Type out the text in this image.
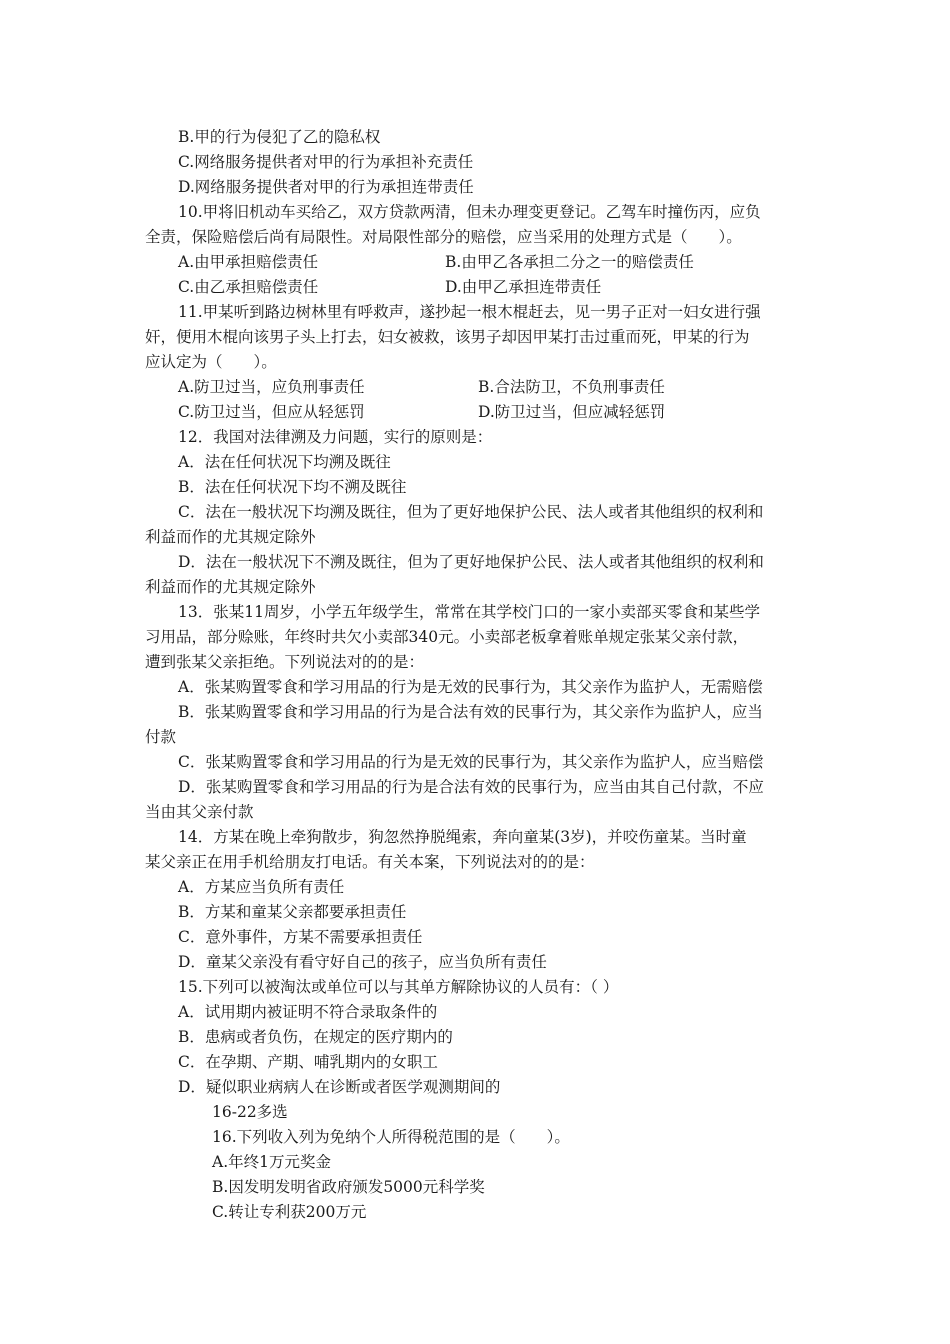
B.甲的行为侵犯了乙的隐私权
C.网络服务提供者对甲的行为承担补充责任
D.网络服务提供者对甲的行为承担连带责任
10.甲将旧机动车买给乙，双方贷款两清，但未办理变更登记。乙驾车时撞伤丙，应负
全责，保险赔偿后尚有局限性。对局限性部分的赔偿，应当采用的处理方式是（　　）。
A.由甲承担赔偿责任	B.由甲乙各承担二分之一的赔偿责任
C.由乙承担赔偿责任	D.由甲乙承担连带责任
11.甲某听到路边树林里有呼救声，遂抄起一根木棍赶去，见一男子正对一妇女进行强
奸，便用木棍向该男子头上打去，妇女被救，该男子却因甲某打击过重而死，甲某的行为
应认定为（　　）。
A.防卫过当，应负刑事责任	B.合法防卫，不负刑事责任
C.防卫过当，但应从轻惩罚	D.防卫过当，但应减轻惩罚
12．我国对法律溯及力问题，实行的原则是：
A．法在任何状况下均溯及既往
B．法在任何状况下均不溯及既往
C．法在一般状况下均溯及既往，但为了更好地保护公民、法人或者其他组织的权利和
利益而作的尤其规定除外
D．法在一般状况下不溯及既往，但为了更好地保护公民、法人或者其他组织的权利和
利益而作的尤其规定除外
13．张某11周岁，小学五年级学生，常常在其学校门口的一家小卖部买零食和某些学
习用品，部分赊账，年终时共欠小卖部340元。小卖部老板拿着账单规定张某父亲付款，
遭到张某父亲拒绝。下列说法对的的是：
A．张某购置零食和学习用品的行为是无效的民事行为，其父亲作为监护人，无需赔偿
B．张某购置零食和学习用品的行为是合法有效的民事行为，其父亲作为监护人，应当
付款
C．张某购置零食和学习用品的行为是无效的民事行为，其父亲作为监护人，应当赔偿
D．张某购置零食和学习用品的行为是合法有效的民事行为，应当由其自己付款，不应
当由其父亲付款
14．方某在晚上牵狗散步，狗忽然挣脱绳索，奔向童某(3岁)，并咬伤童某。当时童
某父亲正在用手机给朋友打电话。有关本案，下列说法对的的是：
A．方某应当负所有责任
B．方某和童某父亲都要承担责任
C．意外事件，方某不需要承担责任
D．童某父亲没有看守好自己的孩子，应当负所有责任
15.下列可以被淘汰或单位可以与其单方解除协议的人员有：（ ）
A．试用期内被证明不符合录取条件的
B．患病或者负伤，在规定的医疗期内的
C．在孕期、产期、哺乳期内的女职工
D．疑似职业病病人在诊断或者医学观测期间的
16-22多选
16.下列收入列为免纳个人所得税范围的是（　　）。
A.年终1万元奖金
B.因发明发明省政府颁发5000元科学奖
C.转让专利获200万元
